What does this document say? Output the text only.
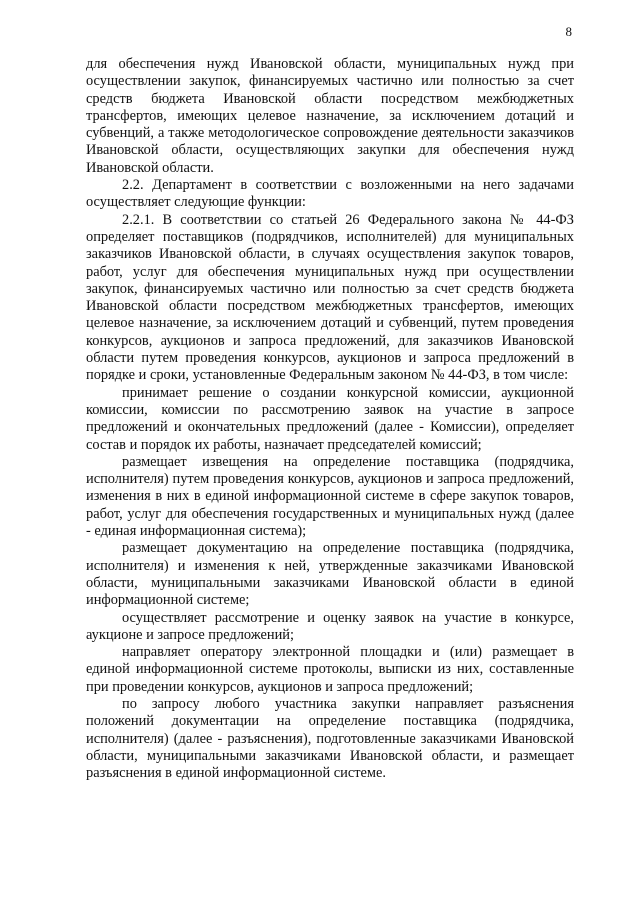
8

для обеспечения нужд Ивановской области, муниципальных нужд при осуществлении закупок, финансируемых частично или полностью за счет средств бюджета Ивановской области посредством межбюджетных трансфертов, имеющих целевое назначение, за исключением дотаций и субвенций, а также методологическое сопровождение деятельности заказчиков Ивановской области, осуществляющих закупки для обеспечения нужд Ивановской области.

2.2. Департамент в соответствии с возложенными на него задачами осуществляет следующие функции:

2.2.1. В соответствии со статьей 26 Федерального закона № 44-ФЗ определяет поставщиков (подрядчиков, исполнителей) для муниципальных заказчиков Ивановской области, в случаях осуществления закупок товаров, работ, услуг для обеспечения муниципальных нужд при осуществлении закупок, финансируемых частично или полностью за счет средств бюджета Ивановской области посредством межбюджетных трансфертов, имеющих целевое назначение, за исключением дотаций и субвенций, путем проведения конкурсов, аукционов и запроса предложений, для заказчиков Ивановской области путем проведения конкурсов, аукционов и запроса предложений в порядке и сроки, установленные Федеральным законом № 44-ФЗ, в том числе:

принимает решение о создании конкурсной комиссии, аукционной комиссии, комиссии по рассмотрению заявок на участие в запросе предложений и окончательных предложений (далее - Комиссии), определяет состав и порядок их работы, назначает председателей комиссий;

размещает извещения на определение поставщика (подрядчика, исполнителя) путем проведения конкурсов, аукционов и запроса предложений, изменения в них в единой информационной системе в сфере закупок товаров, работ, услуг для обеспечения государственных и муниципальных нужд (далее - единая информационная система);

размещает документацию на определение поставщика (подрядчика, исполнителя) и изменения к ней, утвержденные заказчиками Ивановской области, муниципальными заказчиками Ивановской области в единой информационной системе;

осуществляет рассмотрение и оценку заявок на участие в конкурсе, аукционе и запросе предложений;

направляет оператору электронной площадки и (или) размещает в единой информационной системе протоколы, выписки из них, составленные при проведении конкурсов, аукционов и запроса предложений;

по запросу любого участника закупки направляет разъяснения положений документации на определение поставщика (подрядчика, исполнителя) (далее - разъяснения), подготовленные заказчиками Ивановской области, муниципальными заказчиками Ивановской области, и размещает разъяснения в единой информационной системе.
